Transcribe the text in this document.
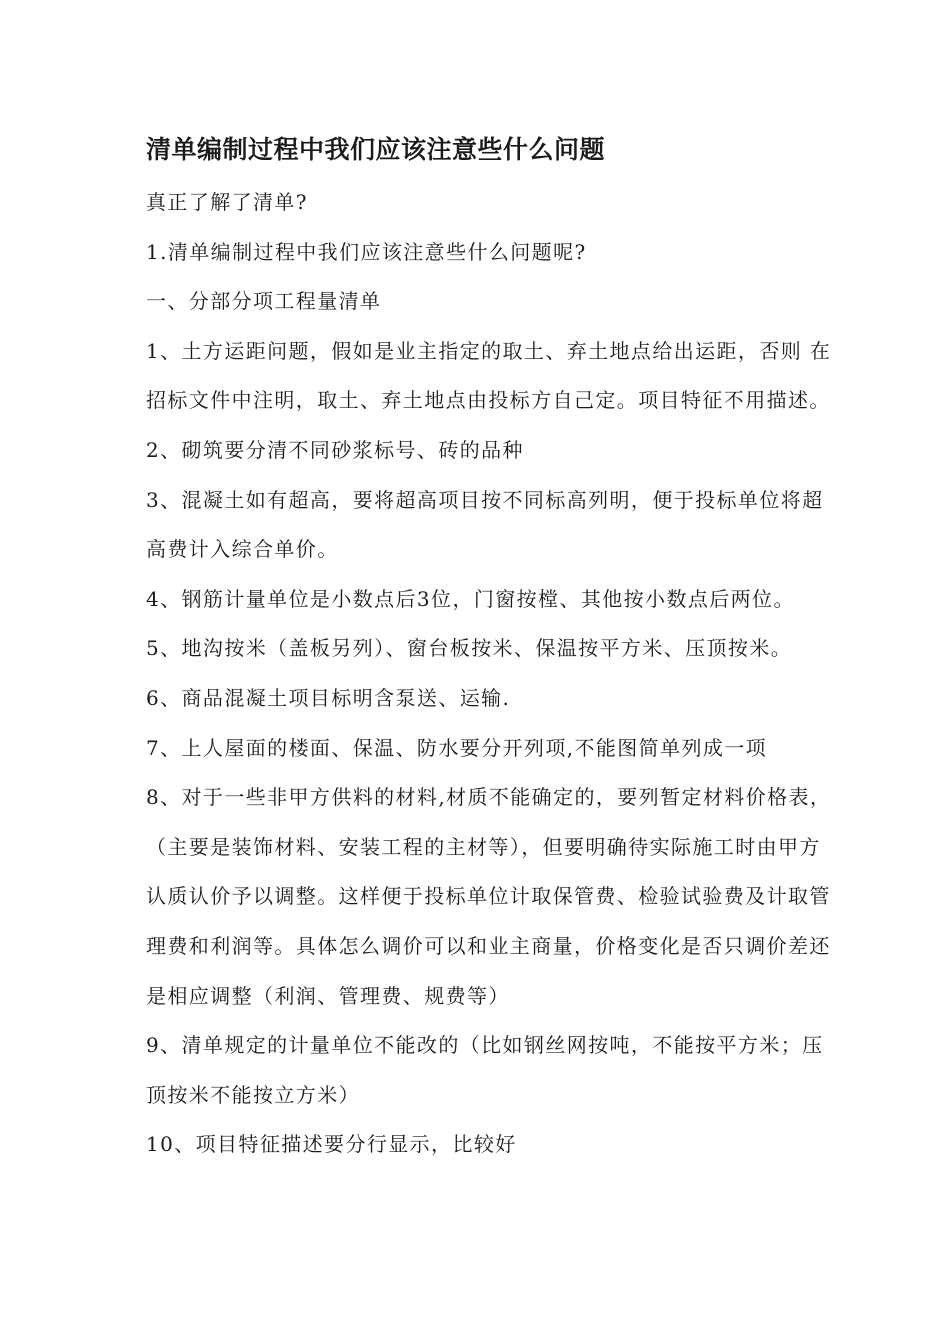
清单编制过程中我们应该注意些什么问题

真正了解了清单?

1.清单编制过程中我们应该注意些什么问题呢?

一、分部分项工程量清单

1、土方运距问题，假如是业主指定的取土、弃土地点给出运距，否则 在招标文件中注明，取土、弃土地点由投标方自己定。项目特征不用描述。

2、砌筑要分清不同砂浆标号、砖的品种

3、混凝土如有超高，要将超高项目按不同标高列明，便于投标单位将超高费计入综合单价。

4、钢筋计量单位是小数点后3位，门窗按樘、其他按小数点后两位。

5、地沟按米（盖板另列）、窗台板按米、保温按平方米、压顶按米。

6、商品混凝土项目标明含泵送、运输.

7、上人屋面的楼面、保温、防水要分开列项,不能图简单列成一项

8、对于一些非甲方供料的材料,材质不能确定的，要列暂定材料价格表，（主要是装饰材料、安装工程的主材等），但要明确待实际施工时由甲方认质认价予以调整。这样便于投标单位计取保管费、检验试验费及计取管理费和利润等。具体怎么调价可以和业主商量，价格变化是否只调价差还是相应调整（利润、管理费、规费等）

9、清单规定的计量单位不能改的（比如钢丝网按吨，不能按平方米；压顶按米不能按立方米）

10、项目特征描述要分行显示，比较好
